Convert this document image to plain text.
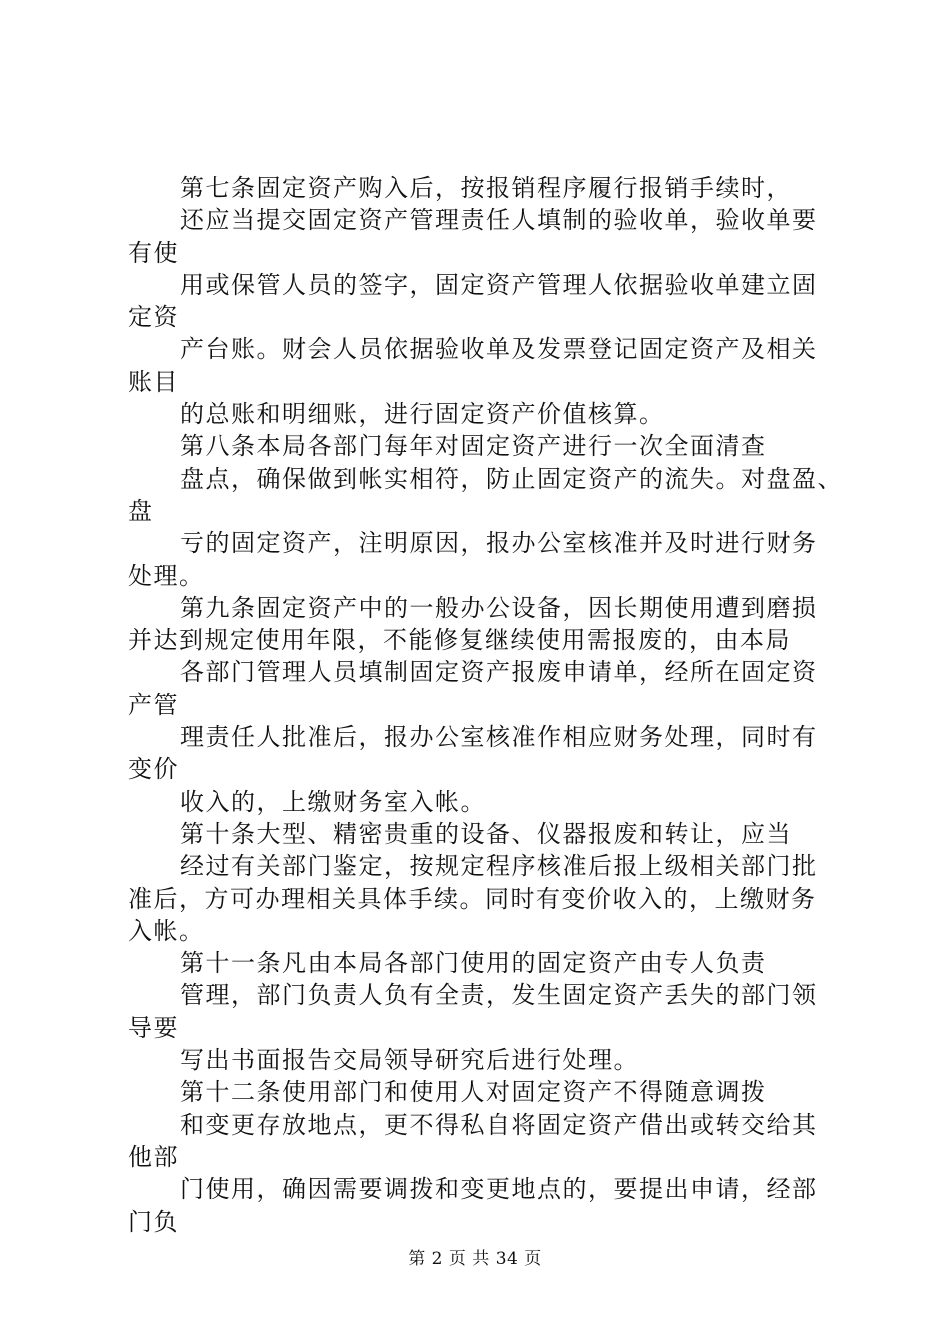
第七条固定资产购入后，按报销程序履行报销手续时，
还应当提交固定资产管理责任人填制的验收单，验收单要
有使
用或保管人员的签字，固定资产管理人依据验收单建立固
定资
产台账。财会人员依据验收单及发票登记固定资产及相关
账目
的总账和明细账，进行固定资产价值核算。
第八条本局各部门每年对固定资产进行一次全面清查
盘点，确保做到帐实相符，防止固定资产的流失。对盘盈、
盘
亏的固定资产，注明原因，报办公室核准并及时进行财务
处理。
第九条固定资产中的一般办公设备，因长期使用遭到磨损
并达到规定使用年限，不能修复继续使用需报废的，由本局
各部门管理人员填制固定资产报废申请单，经所在固定资
产管
理责任人批准后，报办公室核准作相应财务处理，同时有
变价
收入的，上缴财务室入帐。
第十条大型、精密贵重的设备、仪器报废和转让，应当
经过有关部门鉴定，按规定程序核准后报上级相关部门批
准后，方可办理相关具体手续。同时有变价收入的，上缴财务
入帐。
第十一条凡由本局各部门使用的固定资产由专人负责
管理，部门负责人负有全责，发生固定资产丢失的部门领
导要
写出书面报告交局领导研究后进行处理。
第十二条使用部门和使用人对固定资产不得随意调拨
和变更存放地点，更不得私自将固定资产借出或转交给其
他部
门使用，确因需要调拨和变更地点的，要提出申请，经部
门负
第 2 页 共 34 页
